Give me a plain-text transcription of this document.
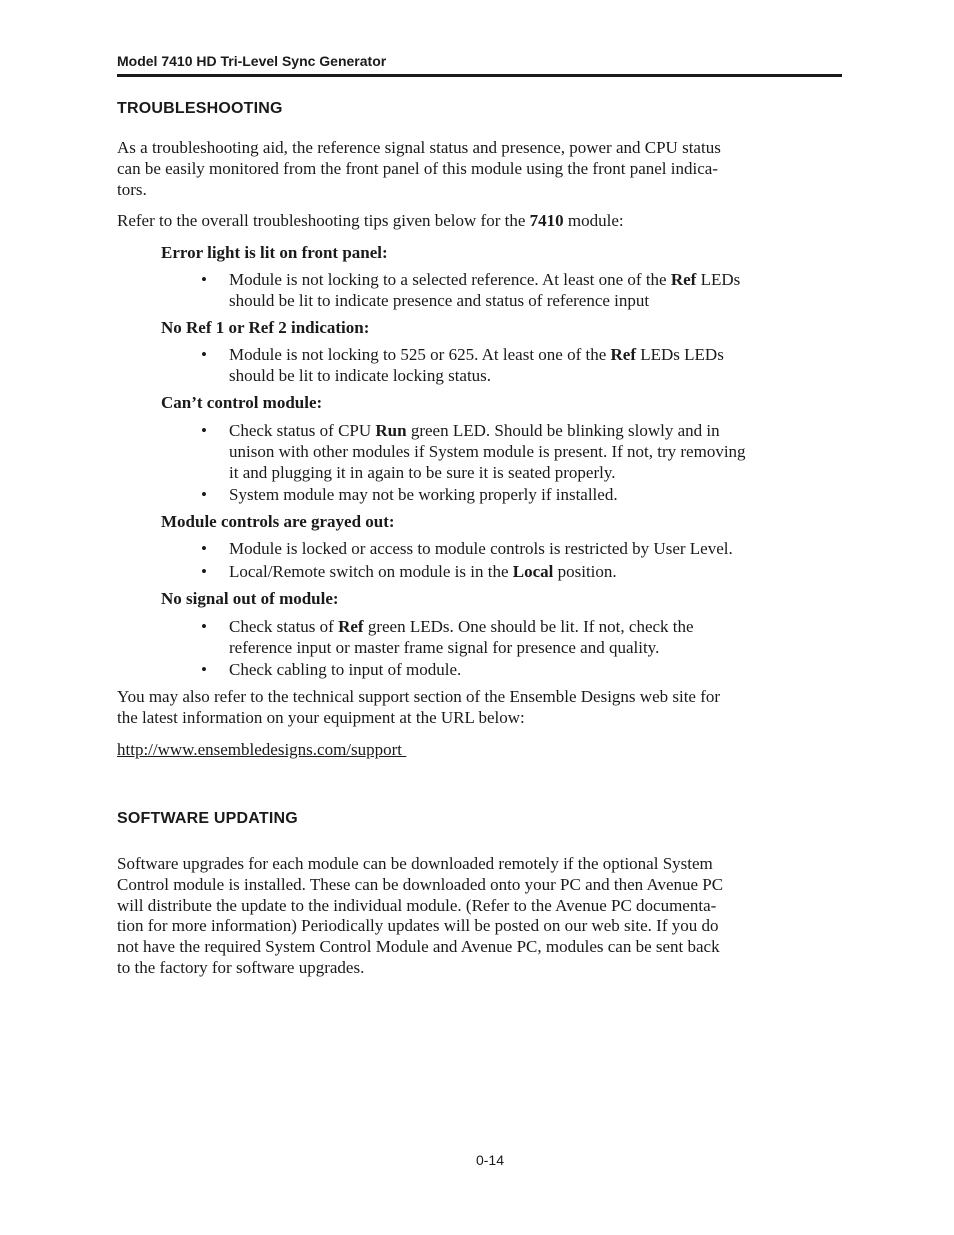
Model 7410 HD Tri-Level Sync Generator
TROUBLESHOOTING
As a troubleshooting aid, the reference signal status and presence, power and CPU status
can be easily monitored from the front panel of this module using the front panel indica-
tors.
Refer to the overall troubleshooting tips given below for the 7410 module:
Error light is lit on front panel:
• Module is not locking to a selected reference. At least one of the Ref LEDs
should be lit to indicate presence and status of reference input
No Ref 1 or Ref 2 indication:
• Module is not locking to 525 or 625. At least one of the Ref LEDs LEDs
should be lit to indicate locking status.
Can’t control module:
• Check status of CPU Run green LED. Should be blinking slowly and in
unison with other modules if System module is present. If not, try removing
it and plugging it in again to be sure it is seated properly.
• System module may not be working properly if installed.
Module controls are grayed out:
• Module is locked or access to module controls is restricted by User Level.
• Local/Remote switch on module is in the Local position.
No signal out of module:
• Check status of Ref green LEDs. One should be lit. If not, check the
reference input or master frame signal for presence and quality.
• Check cabling to input of module.
You may also refer to the technical support section of the Ensemble Designs web site for
the latest information on your equipment at the URL below:
http://www.ensembledesigns.com/support
SOFTWARE UPDATING
Software upgrades for each module can be downloaded remotely if the optional System
Control module is installed. These can be downloaded onto your PC and then Avenue PC
will distribute the update to the individual module. (Refer to the Avenue PC documenta-
tion for more information) Periodically updates will be posted on our web site. If you do
not have the required System Control Module and Avenue PC, modules can be sent back
to the factory for software upgrades.
0-14
